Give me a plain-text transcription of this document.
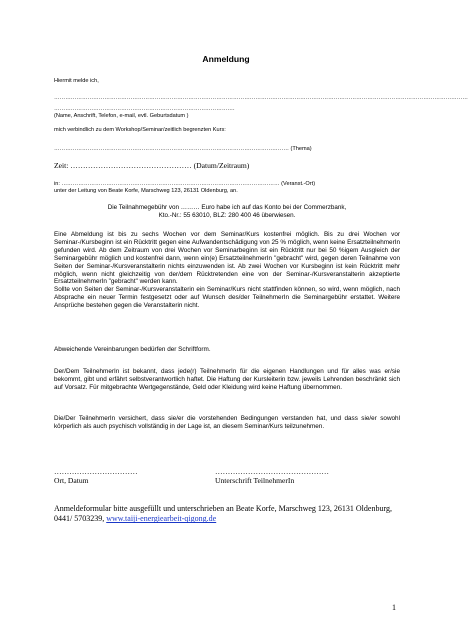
Anmeldung
Hiermit melde ich,
……………………………………………………………………………………………………………………………………………………………………………………………………
…………………………………………………………………………………….
(Name, Anschrift, Telefon, e-mail, evtl. Geburtsdatum )
mich verbindlich zu dem Workshop/Seminar/zeitlich begrenzten Kurs:
……………………………………………………………………………………………………………… (Thema)
Zeit: ………………………………………… (Datum/Zeitraum)
in: ……………………………………………………………………………………………………… (Veranst.-Ort)
unter der Leitung von Beate Korfe, Marschweg 123, 26131 Oldenburg, an.
Die Teilnahmegebühr von ……… Euro habe ich auf das Konto bei der Commerzbank,
Kto.-Nr.: 55 63010, BLZ: 280 400 46 überwiesen.

Eine Abmeldung ist bis zu sechs Wochen vor dem Seminar/Kurs kostenfrei möglich. Bis zu drei Wochen vor Seminar-/Kursbeginn ist ein Rücktritt gegen eine Aufwandentschädigung von 25 % möglich, wenn keine ErsatzteilnehmerIn gefunden wird. Ab dem Zeitraum von drei Wochen vor Seminarbeginn ist ein Rücktritt nur bei 50 %igem Ausgleich der Seminargebühr möglich und kostenfrei dann, wenn ein(e) ErsatzteilnehmerIn "gebracht" wird, gegen deren Teilnahme von Seiten der Seminar-/Kursveranstalterin nichts einzuwenden ist. Ab zwei Wochen vor Kursbeginn ist kein Rücktritt mehr möglich, wenn nicht gleichzeitig von der/dem Rücktretenden eine von der Seminar-/Kursveranstalterin akzeptierte ErsatzteilnehmerIn "gebracht" werden kann.

Sollte von Seiten der Seminar-/Kursveranstalterin ein Seminar/Kurs nicht stattfinden können, so wird, wenn möglich, nach Absprache ein neuer Termin festgesetzt oder auf Wunsch des/der TeilnehmerIn die Seminargebühr erstattet. Weitere Ansprüche bestehen gegen die Veranstalterin nicht.

Abweichende Vereinbarungen bedürfen der Schriftform.
Der/Dem TeilnehmerIn ist bekannt, dass jede(r) TeilnehmerIn für die eigenen Handlungen und für alles was er/sie bekommt, gibt und erfährt selbstverantwortlich haftet. Die Haftung der Kursleiterin bzw. jeweils Lehrenden beschränkt sich auf Vorsatz. Für mitgebrachte Wertgegenstände, Geld oder Kleidung wird keine Haftung übernommen.
Die/Der TeilnehmerIn versichert, dass sie/er die vorstehenden Bedingungen verstanden hat, und dass sie/er sowohl körperlich als auch psychisch vollständig in der Lage ist, an diesem Seminar/Kurs teilzunehmen.
……………………………
Ort, Datum
………………………………………
Unterschrift TeilnehmerIn
Anmeldeformular bitte ausgefüllt und unterschrieben an Beate Korfe, Marschweg 123, 26131 Oldenburg, 0441/ 5703239, www.taiji-energiearbeit-qigong.de
1
